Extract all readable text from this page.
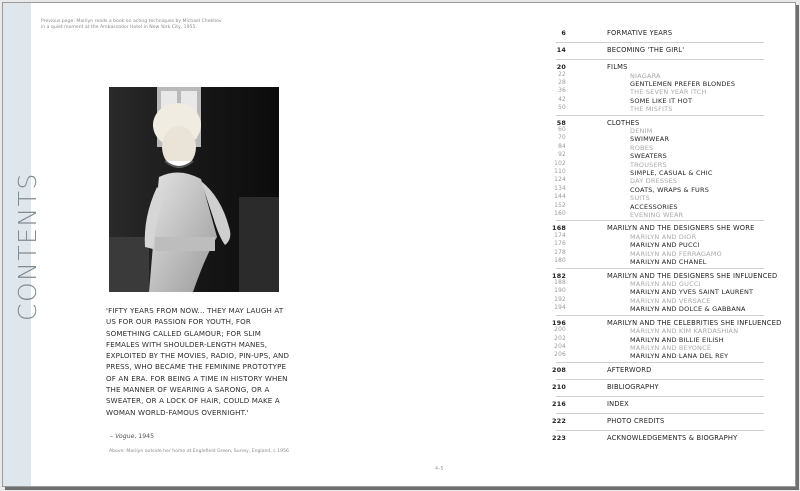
Previous page: Marilyn reads a book on acting techniques by Michael Chekhov in a quiet moment at the Ambassador Hotel in New York City, 1955.
CONTENTS	'FIFTY YEARS FROM NOW... THEY MAY LAUGH AT US FOR OUR PASSION FOR YOUTH, FOR SOMETHING CALLED GLAMOUR; FOR SLIM FEMALES WITH SHOULDER-LENGTH MANES, EXPLOITED BY THE MOVIES, RADIO, PIN-UPS, AND PRESS, WHO BECAME THE FEMININE PROTOTYPE OF AN ERA. FOR BEING A TIME IN HISTORY WHEN THE MANNER OF WEARING A SARONG, OR A SWEATER, OR A LOCK OF HAIR, COULD MAKE A WOMAN WORLD-FAMOUS OVERNIGHT.'
– Vogue, 1945
Above: Marilyn outside her home at Englefield Green, Surrey, England, c.1956
6	FORMATIVE YEARS
14	BECOMING 'THE GIRL'
20	FILMS
22	NIAGARA
28	GENTLEMEN PREFER BLONDES
36	THE SEVEN YEAR ITCH
42	SOME LIKE IT HOT
50	THE MISFITS
58	CLOTHES
60	DENIM
70	SWIMWEAR
84	ROBES
92	SWEATERS
102	TROUSERS
110	SIMPLE, CASUAL & CHIC
124	DAY DRESSES
134	COATS, WRAPS & FURS
144	SUITS
152	ACCESSORIES
160	EVENING WEAR
168	MARILYN AND THE DESIGNERS SHE WORE
174	MARILYN AND DIOR
176	MARILYN AND PUCCI
178	MARILYN AND FERRAGAMO
180	MARILYN AND CHANEL
182	MARILYN AND THE DESIGNERS SHE INFLUENCED
188	MARILYN AND GUCCI
190	MARILYN AND YVES SAINT LAURENT
192	MARILYN AND VERSACE
194	MARILYN AND DOLCE & GABBANA
196	MARILYN AND THE CELEBRITIES SHE INFLUENCED
200	MARILYN AND KIM KARDASHIAN
202	MARILYN AND BILLIE EILISH
204	MARILYN AND BEYONCÉ
206	MARILYN AND LANA DEL REY
208	AFTERWORD
210	BIBLIOGRAPHY
216	INDEX
222	PHOTO CREDITS
223	ACKNOWLEDGEMENTS & BIOGRAPHY
4–5
